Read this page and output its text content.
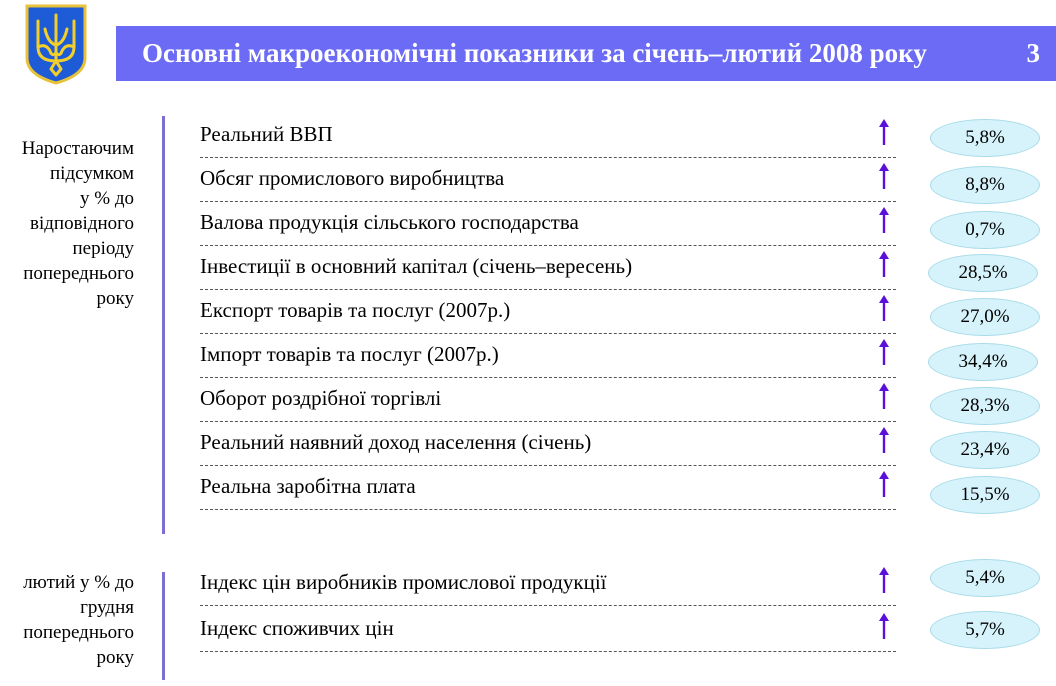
Основні макроекономічні показники за січень–лютий 2008 року	3
Наростаючим
підсумком
у % до
відповідного
періоду
попереднього
року
лютий у % до
грудня
попереднього
року
Реальний ВВП
Обсяг промислового виробництва
Валова продукція сільського господарства
Інвестиції в основний капітал (січень–вересень)
Експорт товарів та послуг (2007р.)
Імпорт товарів та послуг (2007р.)
Оборот роздрібної торгівлі
Реальний наявний доход населення (січень)
Реальна заробітна плата
Індекс цін виробників промислової продукції
Індекс споживчих цін
5,8%
8,8%
0,7%
28,5%
27,0%
34,4%
28,3%
23,4%
15,5%
5,4%
5,7%
